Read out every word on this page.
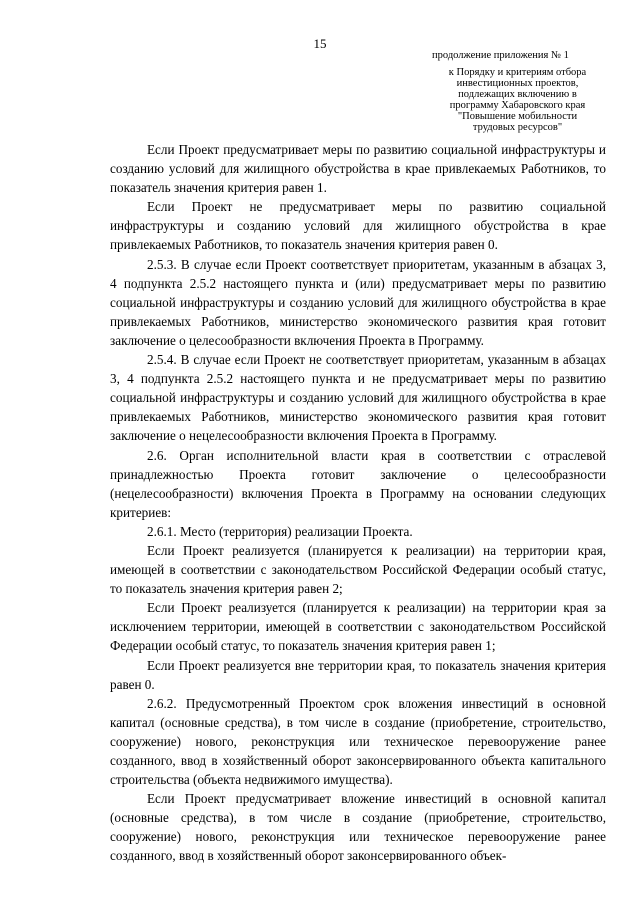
15
продолжение приложения № 1
к Порядку и критериям отбора
инвестиционных проектов,
подлежащих включению в
программу Хабаровского края
"Повышение мобильности
трудовых ресурсов"

Если Проект предусматривает меры по развитию социальной инфраструктуры и созданию условий для жилищного обустройства в крае привлекаемых Работников, то показатель значения критерия равен 1.

Если Проект не предусматривает меры по развитию социальной инфраструктуры и созданию условий для жилищного обустройства в крае привлекаемых Работников, то показатель значения критерия равен 0.

2.5.3. В случае если Проект соответствует приоритетам, указанным в абзацах 3, 4 подпункта 2.5.2 настоящего пункта и (или) предусматривает меры по развитию социальной инфраструктуры и созданию условий для жилищного обустройства в крае привлекаемых Работников, министерство экономического развития края готовит заключение о целесообразности включения Проекта в Программу.

2.5.4. В случае если Проект не соответствует приоритетам, указанным в абзацах 3, 4 подпункта 2.5.2 настоящего пункта и не предусматривает меры по развитию социальной инфраструктуры и созданию условий для жилищного обустройства в крае привлекаемых Работников, министерство экономического развития края готовит заключение о нецелесообразности включения Проекта в Программу.

2.6. Орган исполнительной власти края в соответствии с отраслевой принадлежностью Проекта готовит заключение о целесообразности (нецелесообразности) включения Проекта в Программу на основании следующих критериев:

2.6.1. Место (территория) реализации Проекта.

Если Проект реализуется (планируется к реализации) на территории края, имеющей в соответствии с законодательством Российской Федерации особый статус, то показатель значения критерия равен 2;

Если Проект реализуется (планируется к реализации) на территории края за исключением территории, имеющей в соответствии с законодательством Российской Федерации особый статус, то показатель значения критерия равен 1;

Если Проект реализуется вне территории края, то показатель значения критерия равен 0.

2.6.2. Предусмотренный Проектом срок вложения инвестиций в основной капитал (основные средства), в том числе в создание (приобретение, строительство, сооружение) нового, реконструкция или техническое перевооружение ранее созданного, ввод в хозяйственный оборот законсервированного объекта капитального строительства (объекта недвижимого имущества).

Если Проект предусматривает вложение инвестиций в основной капитал (основные средства), в том числе в создание (приобретение, строительство, сооружение) нового, реконструкция или техническое перевооружение ранее созданного, ввод в хозяйственный оборот законсервированного объек-
